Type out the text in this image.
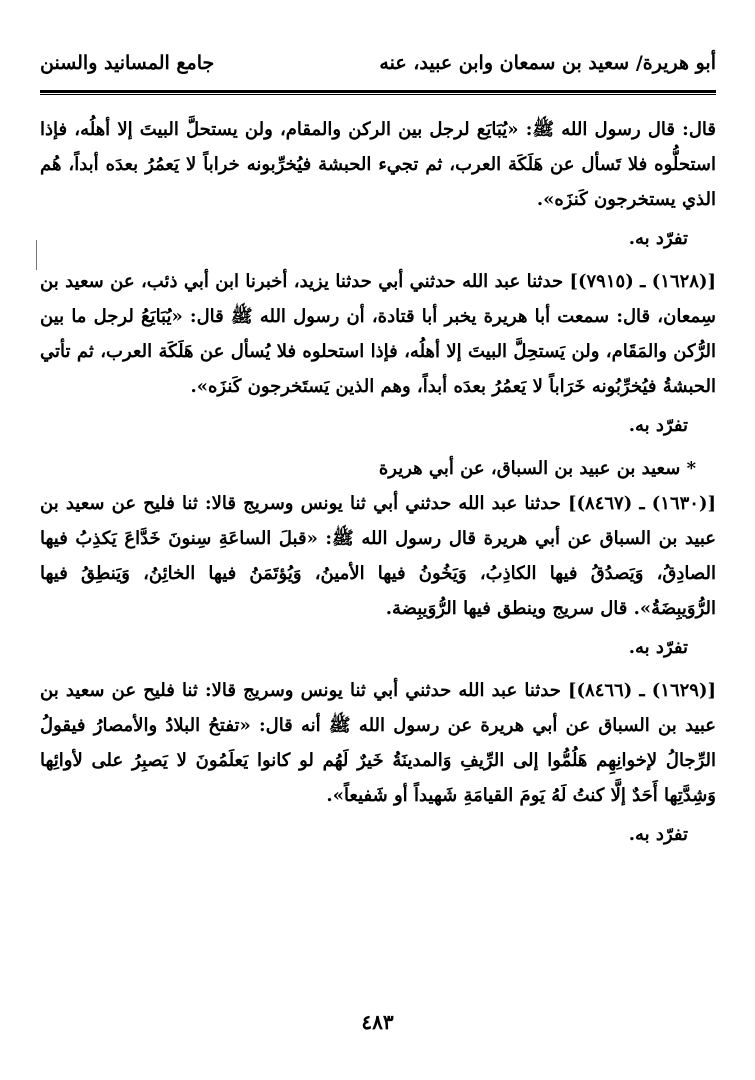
أبو هريرة/ سعيد بن سمعان وابن عبيد، عنه
جامع المسانيد والسنن

قال: قال رسول الله ﷺ: «يُبَايَع لرجل بين الركن والمقام، ولن يستحلَّ البيتَ إلا أهلُه، فإذا استحلُّوه فلا تَسأل عن هَلَكَة العرب، ثم تجيء الحبشة فيُخرِّبونه خراباً لا يَعمُرُ بعدَه أبداً، هُم الذي يستخرجون كَنزَه».

تفرّد به.

[(١٦٢٨) ـ (٧٩١٥)] حدثنا عبد الله حدثني أبي حدثنا يزيد، أخبرنا ابن أبي ذئب، عن سعيد بن سِمعان، قال: سمعت أبا هريرة يخبر أبا قتادة، أن رسول الله ﷺ قال: «يُبَايَعُ لرجل ما بين الرُّكن والمَقَام، ولن يَستحِلَّ البيتَ إلا أهلُه، فإذا استحلوه فلا يُسأل عن هَلَكَة العرب، ثم تأتي الحبشةُ فيُخرِّبُونه خَرَاباً لا يَعمُرُ بعدَه أبداً، وهم الذين يَستَخرجون كَنزَه».

تفرّد به.

* سعيد بن عبيد بن السباق، عن أبي هريرة

[(١٦٣٠) ـ (٨٤٦٧)] حدثنا عبد الله حدثني أبي ثنا يونس وسريج قالا: ثنا فليح عن سعيد بن عبيد بن السباق عن أبي هريرة قال رسول الله ﷺ: «قبلَ الساعَةِ سِنونَ خَدَّاعَ يَكذِبُ فيها الصادِقُ، وَيَصدُقُ فيها الكاذِبُ، وَيَخُونُ فيها الأمينُ، وَيُؤتَمَنُ فيها الخائِنُ، وَيَنطِقُ فيها الرُّوَيبِضَةُ». قال سريج وينطق فيها الرُّوَيبِضة.

تفرّد به.

[(١٦٢٩) ـ (٨٤٦٦)] حدثنا عبد الله حدثني أبي ثنا يونس وسريج قالا: ثنا فليح عن سعيد بن عبيد بن السباق عن أبي هريرة عن رسول الله ﷺ أنه قال: «تفتحُ البلادُ والأمصارُ فيقولُ الرِّجالُ لإخوانِهِم هَلُمُّوا إلى الرِّيفِ وَالمدينَةُ خَيرٌ لَهُم لو كانوا يَعلَمُونَ لا يَصبِرُ على لأوائِها وَشِدَّتِها أَحَدٌ إلَّا كنتُ لَهُ يَومَ القيامَةِ شَهيداً أو شَفيعاً».

تفرّد به.

٤٨٣
